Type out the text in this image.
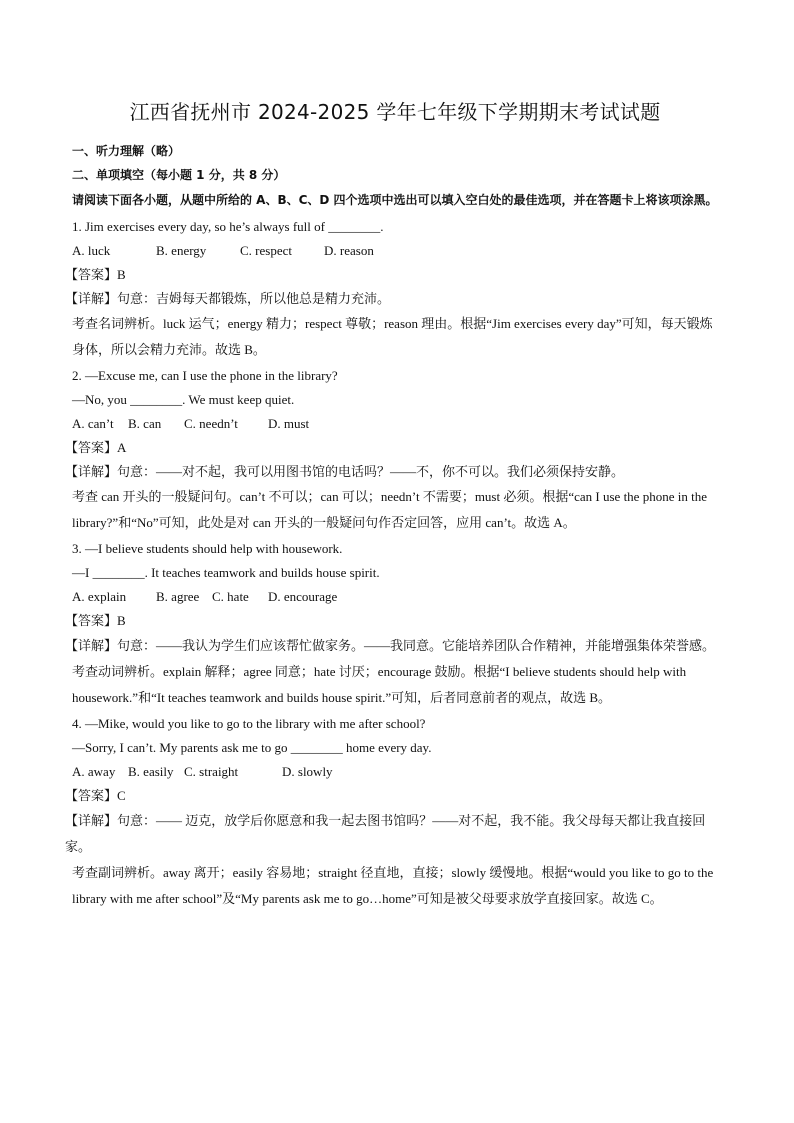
江西省抚州市 2024-2025 学年七年级下学期期末考试试题
一、听力理解（略）
二、单项填空（每小题 1 分，共 8 分）
请阅读下面各小题，从题中所给的 A、B、C、D 四个选项中选出可以填入空白处的最佳选项，并在答题卡上将该项涂黑。
1. Jim exercises every day, so he’s always full of ________.
A. luck	B. energy	C. respect D. reason
【答案】B
【详解】句意：吉姆每天都锻炼，所以他总是精力充沛。
考查名词辨析。luck 运气；energy 精力；respect 尊敬；reason 理由。根据“Jim exercises every day”可知，每天锻炼身体，所以会精力充沛。故选 B。
2. —Excuse me, can I use the phone in the library?
—No, you ________. We must keep quiet.
A. can’t B. can C. needn’t D. must
【答案】A
【详解】句意：——对不起，我可以用图书馆的电话吗？——不，你不可以。我们必须保持安静。
考查 can 开头的一般疑问句。can’t 不可以；can 可以；needn’t 不需要；must 必须。根据“can I use the phone in the library?”和“No”可知，此处是对 can 开头的一般疑问句作否定回答，应用 can’t。故选 A。
3. —I believe students should help with housework.
—I ________. It teaches teamwork and builds house spirit.
A. explain B. agree C. hate D. encourage
【答案】B
【详解】句意：——我认为学生们应该帮忙做家务。——我同意。它能培养团队合作精神，并能增强集体荣誉感。
考查动词辨析。explain 解释；agree 同意；hate 讨厌；encourage 鼓励。根据“I believe students should help with housework.”和“It teaches teamwork and builds house spirit.”可知，后者同意前者的观点，故选 B。
4. —Mike, would you like to go to the library with me after school?
—Sorry, I can’t. My parents ask me to go ________ home every day.
A. away B. easily C. straight	D. slowly
【答案】C
【详解】句意：—— 迈克，放学后你愿意和我一起去图书馆吗？——对不起，我不能。我父母每天都让我直接回家。
考查副词辨析。away 离开；easily 容易地；straight 径直地，直接；slowly 缓慢地。根据“would you like to go to the library with me after school”及“My parents ask me to go…home”可知是被父母要求放学直接回家。故选 C。
